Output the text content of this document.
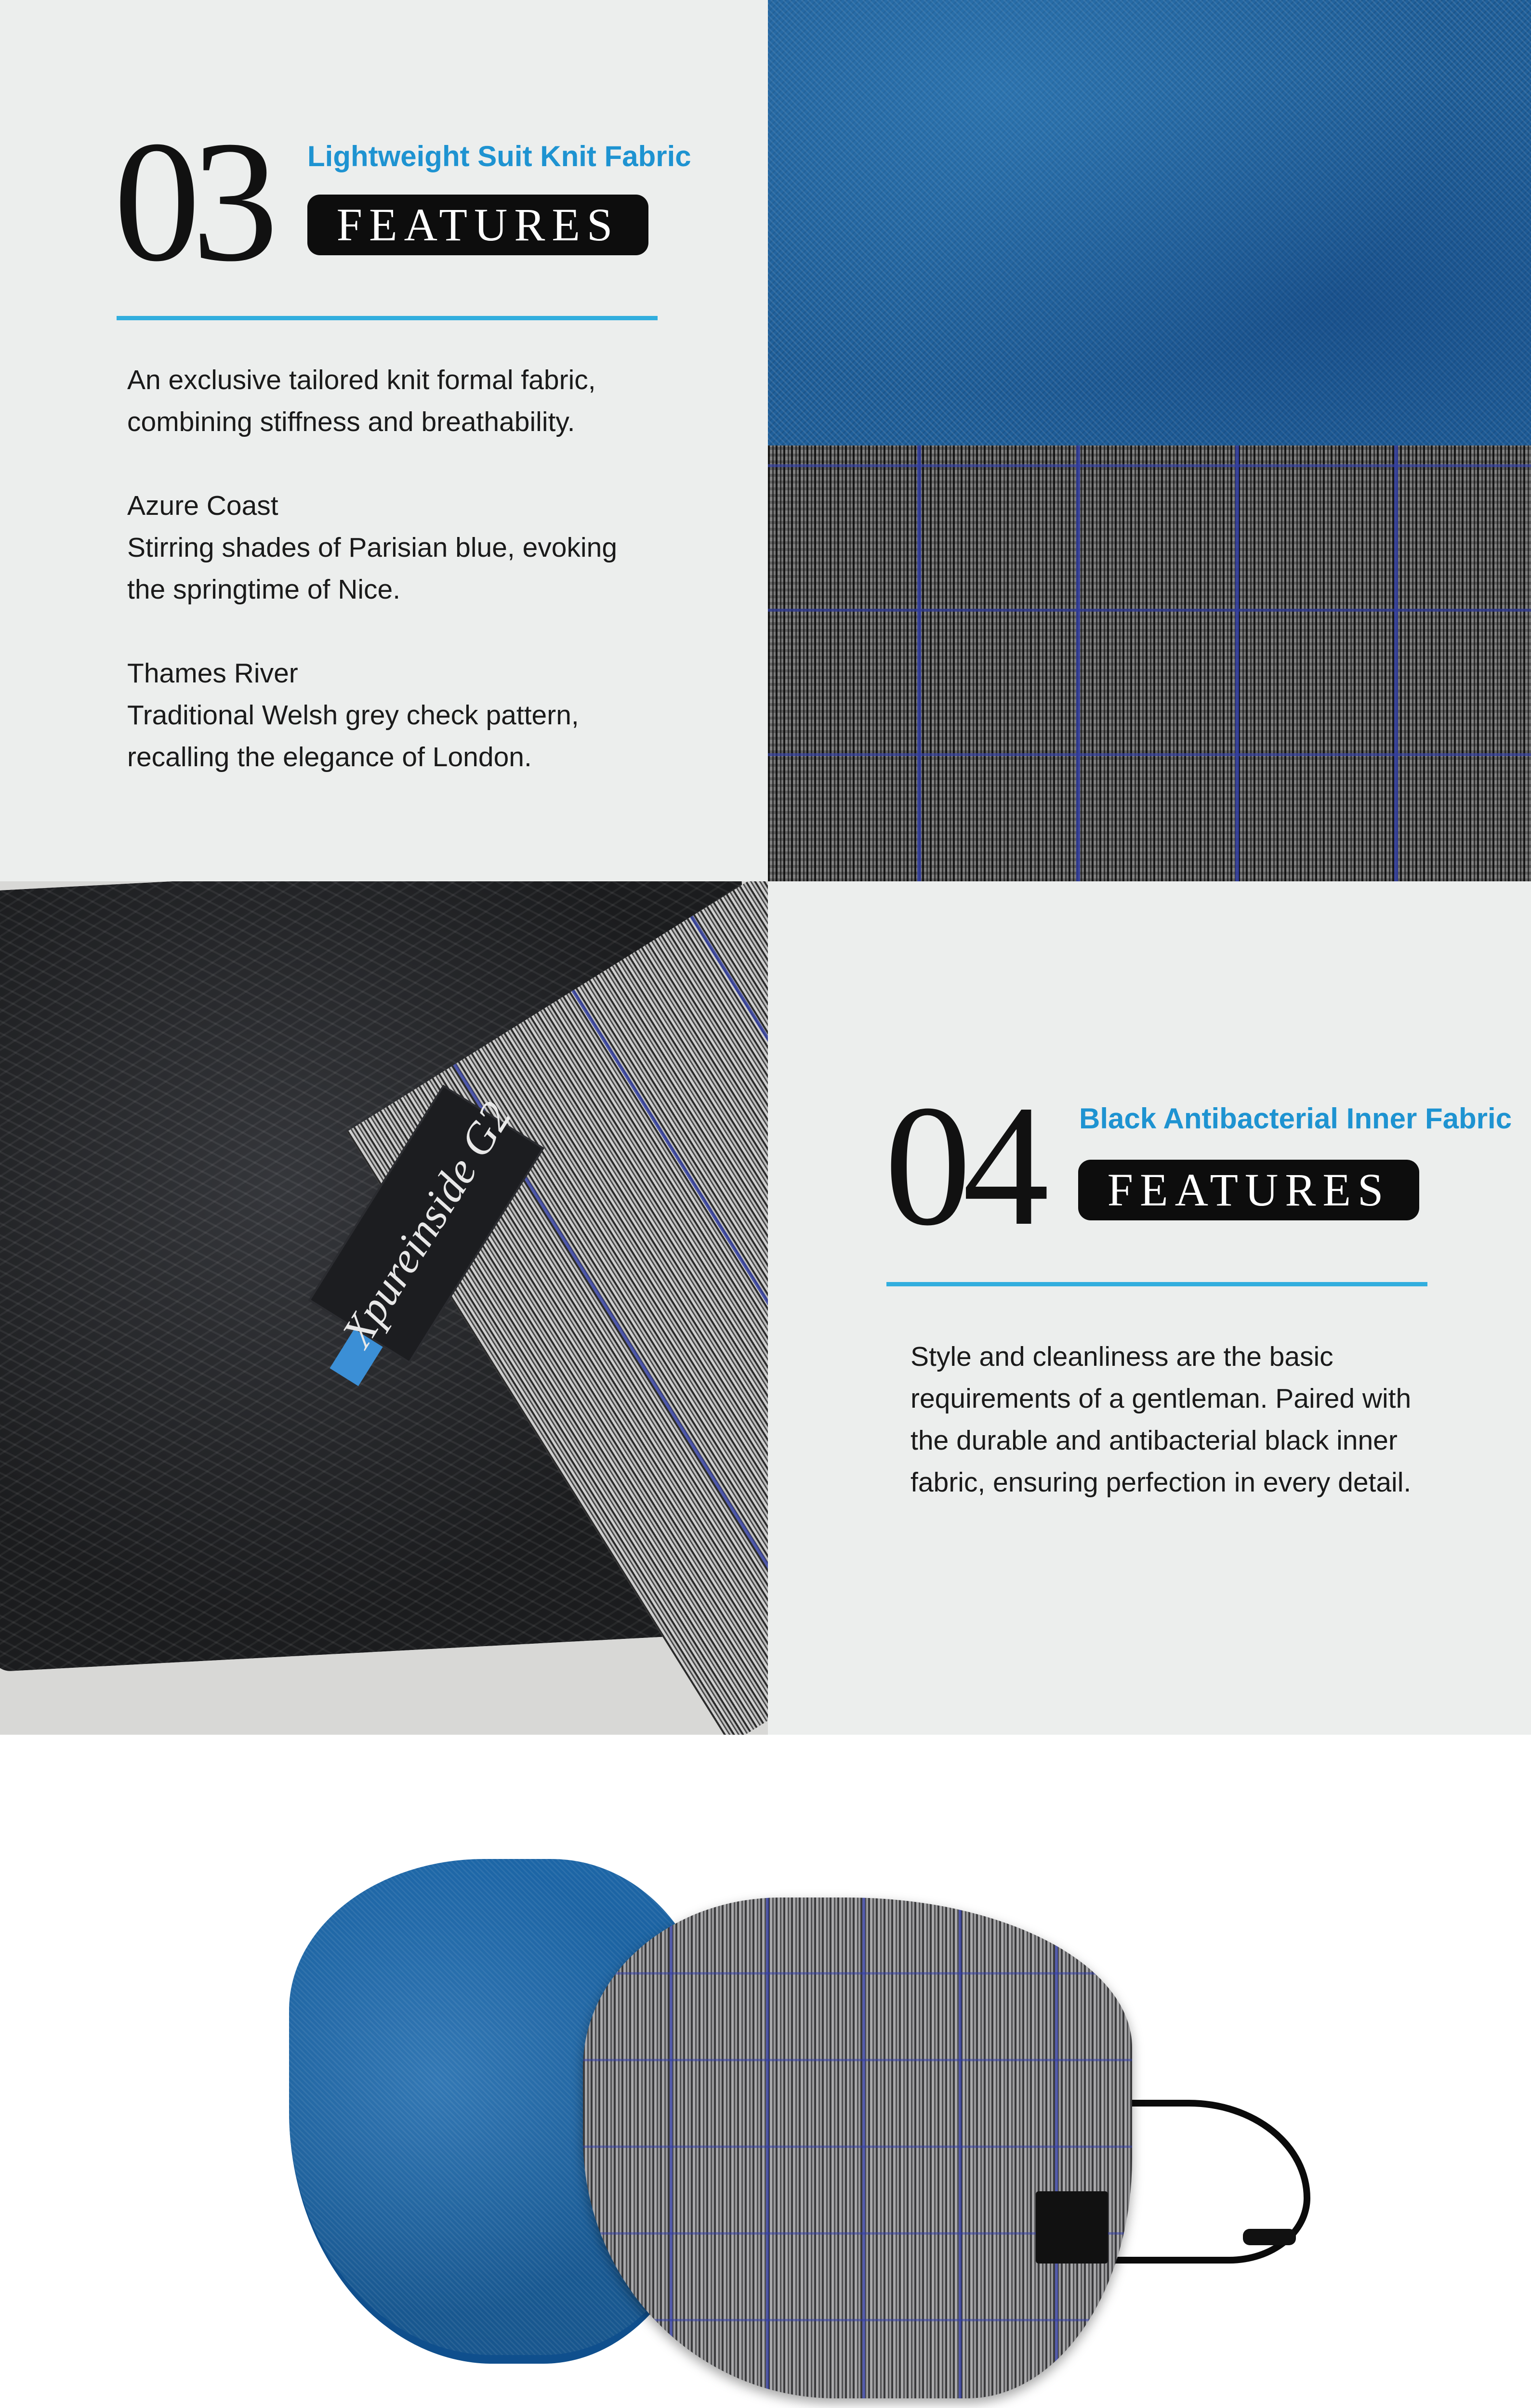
03 Lightweight Suit Knit Fabric
FEATURES

An exclusive tailored knit formal fabric,

combining stiffness and breathability.

Azure Coast

Stirring shades of Parisian blue, evoking

the springtime of Nice.

Thames River

Traditional Welsh grey check pattern,

recalling the elegance of London.

Xpureinside G2 04 Black Antibacterial Inner Fabric
FEATURES

Style and cleanliness are the basic

requirements of a gentleman. Paired with

the durable and antibacterial black inner

fabric, ensuring perfection in every detail.
